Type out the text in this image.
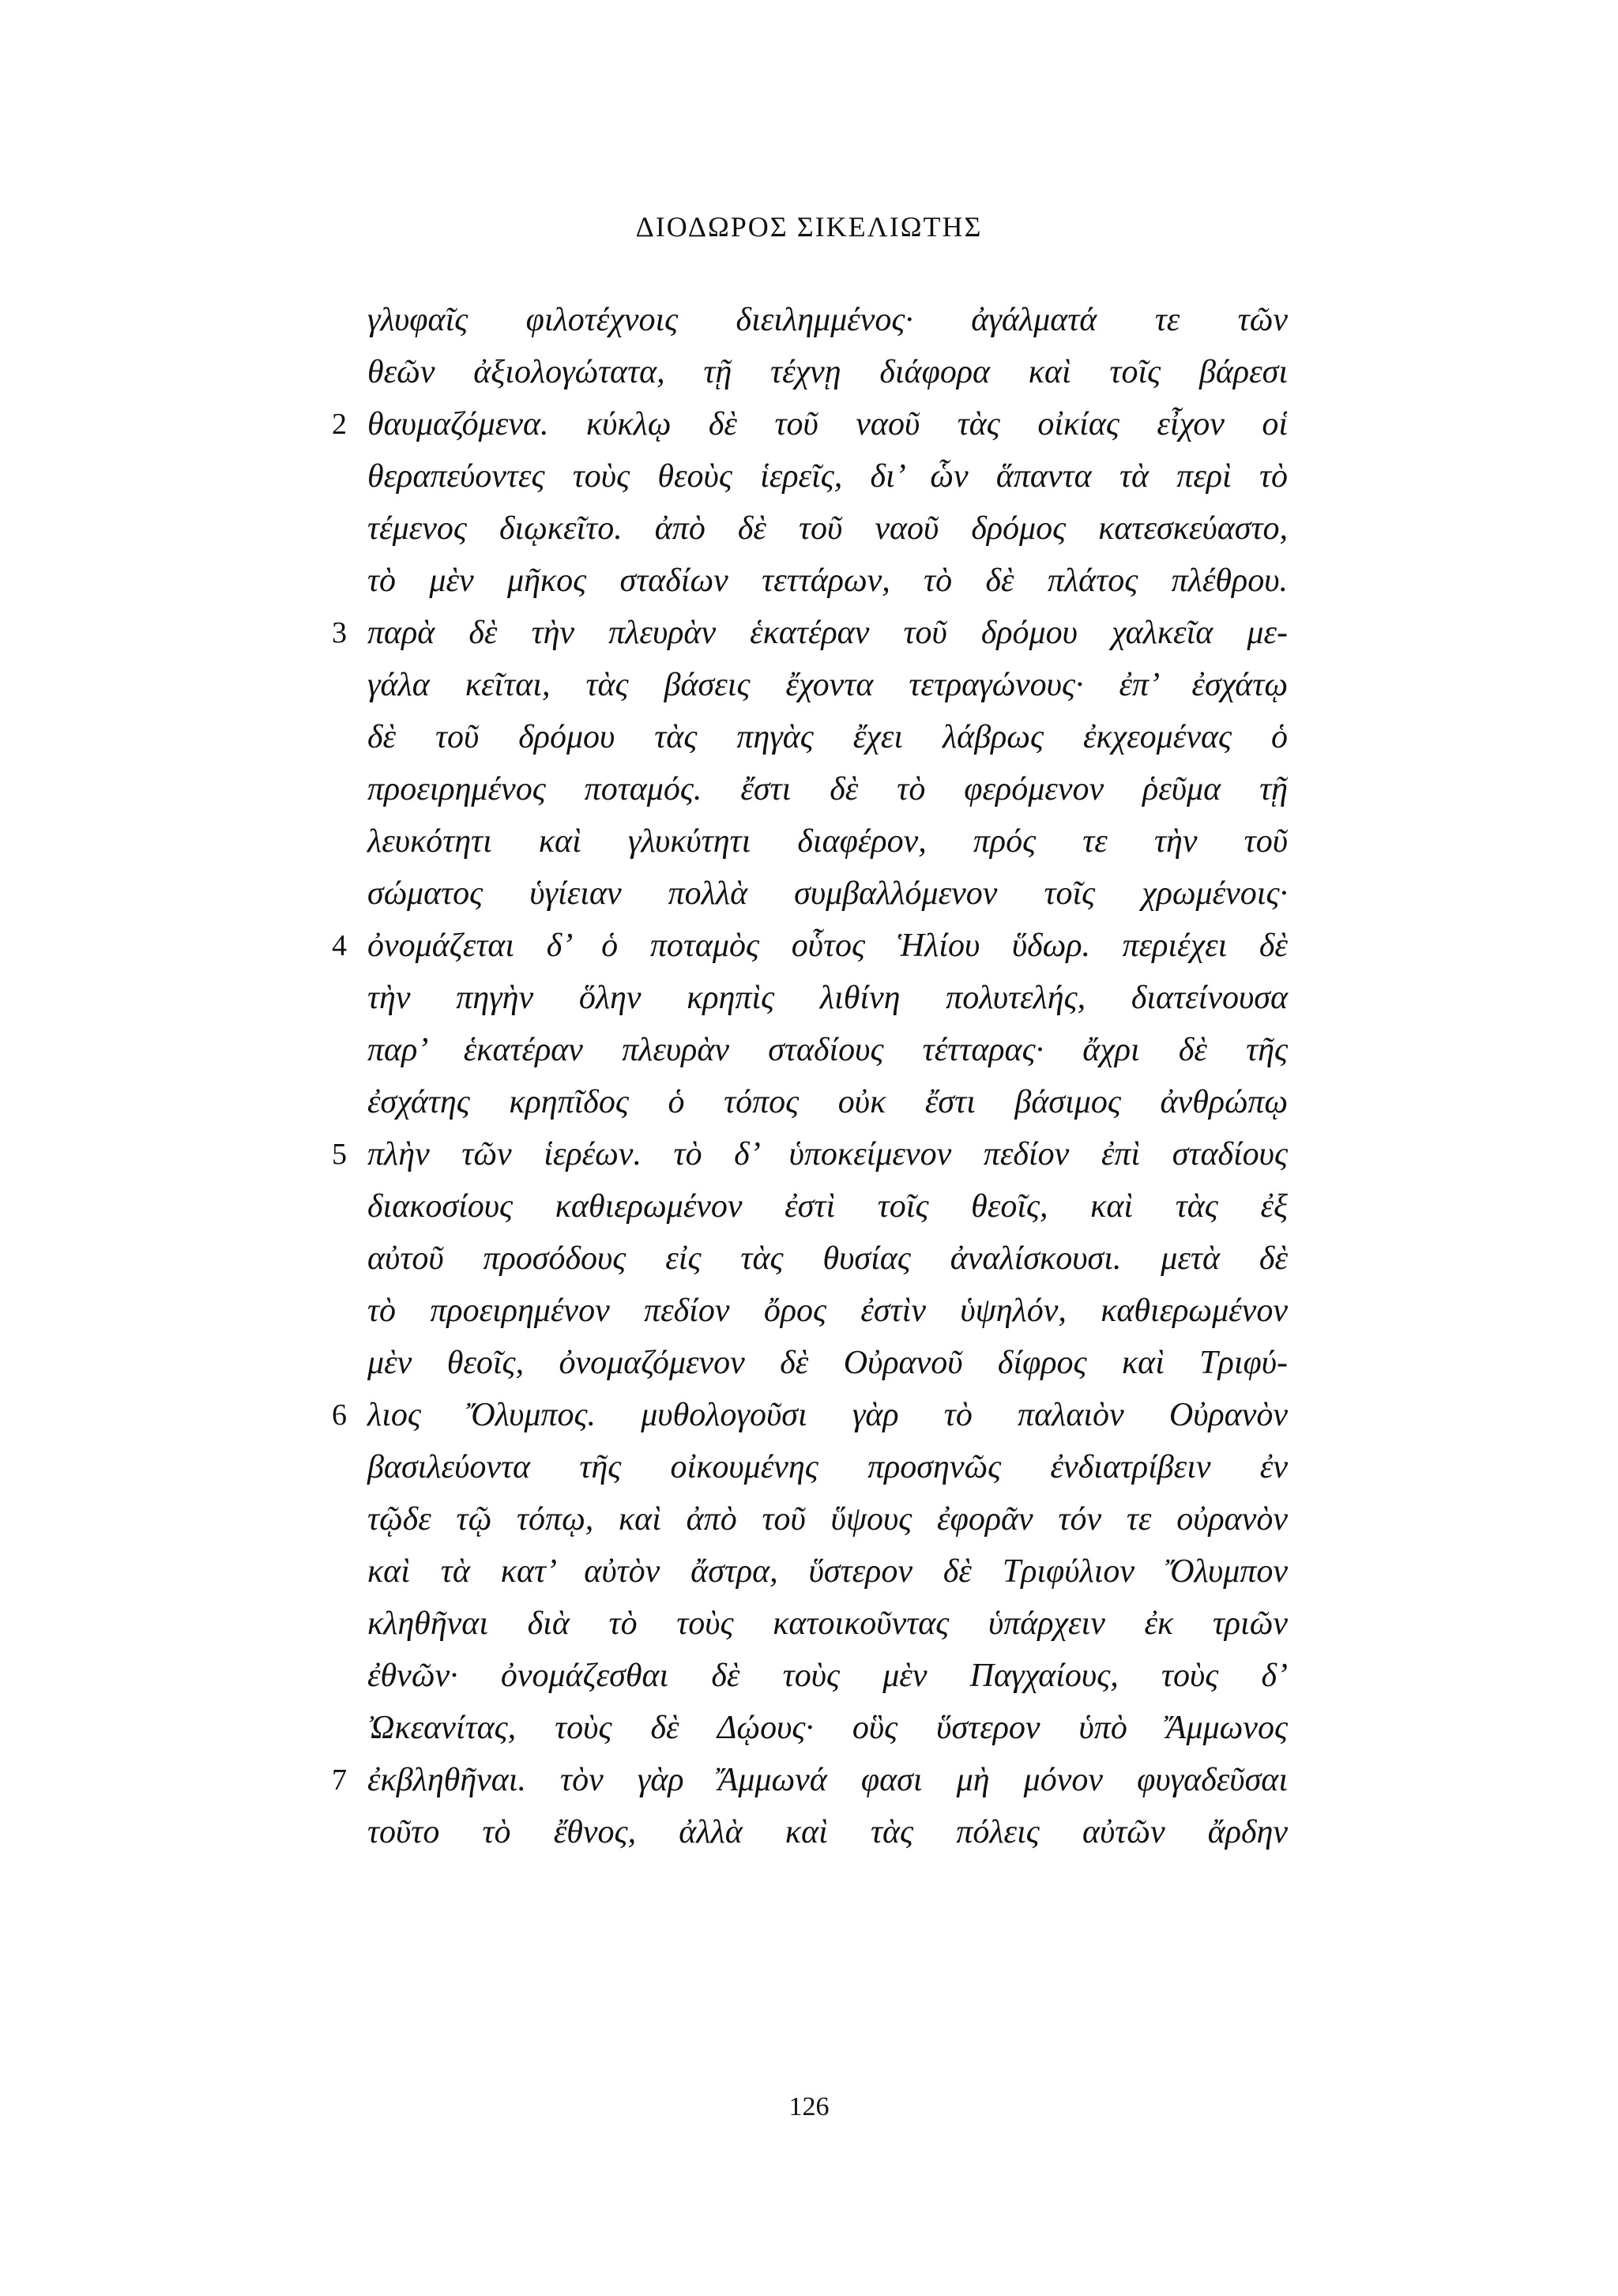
ΔΙΟΔΩΡΟΣ ΣΙΚΕΛΙΩΤΗΣ
γλυφαῖς φιλοτέχνοις διειλημμένος· ἀγάλματά τε τῶν
θεῶν ἀξιολογώτατα, τῇ τέχνῃ διάφορα καὶ τοῖς βάρεσι
2 θαυμαζόμενα. κύκλῳ δὲ τοῦ ναοῦ τὰς οἰκίας εἶχον οἱ
θεραπεύοντες τοὺς θεοὺς ἱερεῖς, δι’ ὧν ἅπαντα τὰ περὶ τὸ
τέμενος διῳκεῖτο. ἀπὸ δὲ τοῦ ναοῦ δρόμος κατεσκεύαστο,
τὸ μὲν μῆκος σταδίων τεττάρων, τὸ δὲ πλάτος πλέθρου.
3 παρὰ δὲ τὴν πλευρὰν ἑκατέραν τοῦ δρόμου χαλκεῖα με-
γάλα κεῖται, τὰς βάσεις ἔχοντα τετραγώνους· ἐπ’ ἐσχάτῳ
δὲ τοῦ δρόμου τὰς πηγὰς ἔχει λάβρως ἐκχεομένας ὁ
προειρημένος ποταμός. ἔστι δὲ τὸ φερόμενον ῥεῦμα τῇ
λευκότητι καὶ γλυκύτητι διαφέρον, πρός τε τὴν τοῦ
σώματος ὑγίειαν πολλὰ συμβαλλόμενον τοῖς χρωμένοις·
4 ὀνομάζεται δ’ ὁ ποταμὸς οὗτος Ἡλίου ὕδωρ. περιέχει δὲ
τὴν πηγὴν ὅλην κρηπὶς λιθίνη πολυτελής, διατείνουσα
παρ’ ἑκατέραν πλευρὰν σταδίους τέτταρας· ἄχρι δὲ τῆς
ἐσχάτης κρηπῖδος ὁ τόπος οὐκ ἔστι βάσιμος ἀνθρώπῳ
5 πλὴν τῶν ἱερέων. τὸ δ’ ὑποκείμενον πεδίον ἐπὶ σταδίους
διακοσίους καθιερωμένον ἐστὶ τοῖς θεοῖς, καὶ τὰς ἐξ
αὐτοῦ προσόδους εἰς τὰς θυσίας ἀναλίσκουσι. μετὰ δὲ
τὸ προειρημένον πεδίον ὄρος ἐστὶν ὑψηλόν, καθιερωμένον
μὲν θεοῖς, ὀνομαζόμενον δὲ Οὐρανοῦ δίφρος καὶ Τριφύ-
6 λιος Ὄλυμπος. μυθολογοῦσι γὰρ τὸ παλαιὸν Οὐρανὸν
βασιλεύοντα τῆς οἰκουμένης προσηνῶς ἐνδιατρίβειν ἐν
τῷδε τῷ τόπῳ, καὶ ἀπὸ τοῦ ὕψους ἐφορᾶν τόν τε οὐρανὸν
καὶ τὰ κατ’ αὐτὸν ἄστρα, ὕστερον δὲ Τριφύλιον Ὄλυμπον
κληθῆναι διὰ τὸ τοὺς κατοικοῦντας ὑπάρχειν ἐκ τριῶν
ἐθνῶν· ὀνομάζεσθαι δὲ τοὺς μὲν Παγχαίους, τοὺς δ’
Ὠκεανίτας, τοὺς δὲ Δῴους· οὓς ὕστερον ὑπὸ Ἄμμωνος
7 ἐκβληθῆναι. τὸν γὰρ Ἄμμωνά φασι μὴ μόνον φυγαδεῦσαι
τοῦτο τὸ ἔθνος, ἀλλὰ καὶ τὰς πόλεις αὐτῶν ἄρδην
126
